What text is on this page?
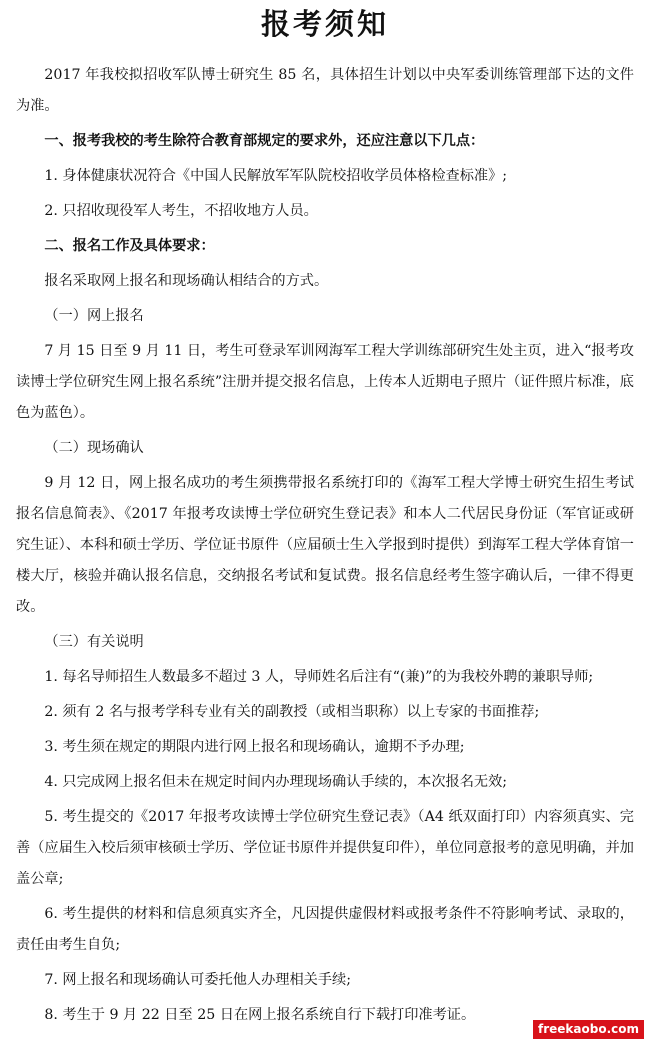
报考须知

2017 年我校拟招收军队博士研究生 85 名，具体招生计划以中央军委训练管理部下达的文件为准。

一、报考我校的考生除符合教育部规定的要求外，还应注意以下几点：

1. 身体健康状况符合《中国人民解放军军队院校招收学员体格检查标准》;

2. 只招收现役军人考生，不招收地方人员。

二、报名工作及具体要求：

报名采取网上报名和现场确认相结合的方式。

（一）网上报名

7 月 15 日至 9 月 11 日，考生可登录军训网海军工程大学训练部研究生处主页，进入“报考攻读博士学位研究生网上报名系统”注册并提交报名信息，上传本人近期电子照片（证件照片标准，底色为蓝色）。

（二）现场确认

9 月 12 日，网上报名成功的考生须携带报名系统打印的《海军工程大学博士研究生招生考试报名信息简表》、《2017 年报考攻读博士学位研究生登记表》和本人二代居民身份证（军官证或研究生证）、本科和硕士学历、学位证书原件（应届硕士生入学报到时提供）到海军工程大学体育馆一楼大厅，核验并确认报名信息，交纳报名考试和复试费。报名信息经考生签字确认后，一律不得更改。

（三）有关说明

1. 每名导师招生人数最多不超过 3 人，导师姓名后注有“(兼)”的为我校外聘的兼职导师;

2. 须有 2 名与报考学科专业有关的副教授（或相当职称）以上专家的书面推荐;

3. 考生须在规定的期限内进行网上报名和现场确认，逾期不予办理;

4. 只完成网上报名但未在规定时间内办理现场确认手续的，本次报名无效;

5. 考生提交的《2017 年报考攻读博士学位研究生登记表》（A4 纸双面打印）内容须真实、完善（应届生入校后须审核硕士学历、学位证书原件并提供复印件），单位同意报考的意见明确，并加盖公章;

6. 考生提供的材料和信息须真实齐全，凡因提供虚假材料或报考条件不符影响考试、录取的，责任由考生自负;

7. 网上报名和现场确认可委托他人办理相关手续;

8. 考生于 9 月 22 日至 25 日在网上报名系统自行下载打印准考证。

freekaobo.com
